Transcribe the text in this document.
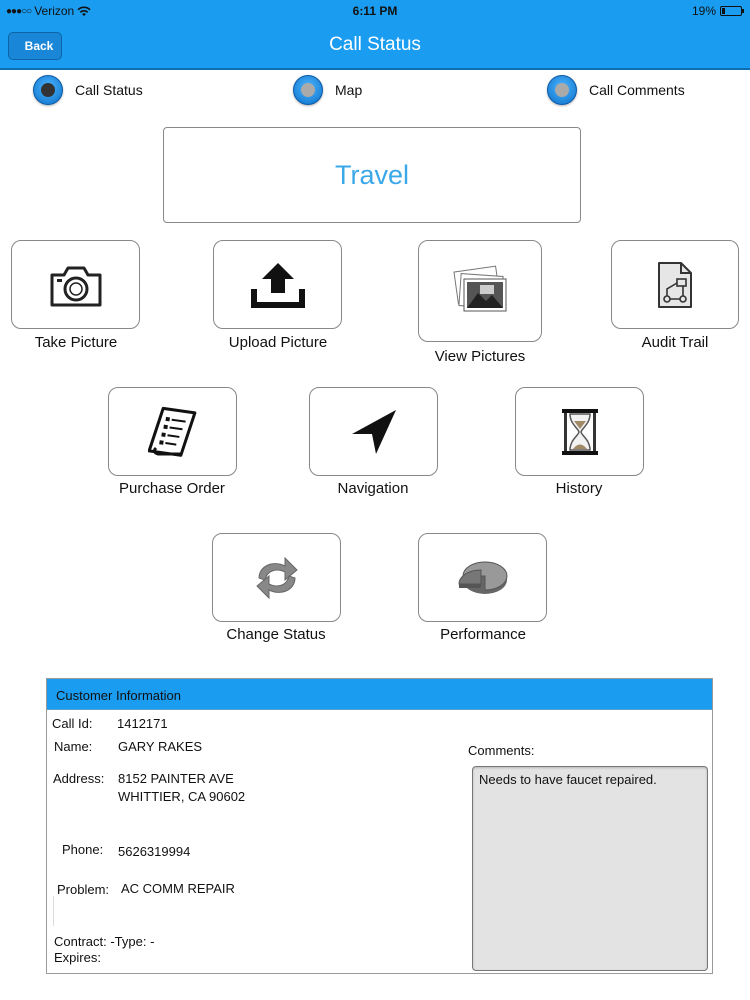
●●●○○ Verizon	6:11 PM	19%
Back	Call Status
Call Status	Map	Call Comments
Travel
Take Picture	Upload Picture
View Pictures
Audit Trail
Purchase Order	Navigation	History
Change Status	Performance
Customer Information
Call Id: 1412171
Name: GARY RAKES
Address: 8152 PAINTER AVE
WHITTIER, CA 90602
Phone: 5626319994
Problem: AC COMM REPAIR
Contract: -Type: -
Expires:
Comments:
Needs to have faucet repaired.
